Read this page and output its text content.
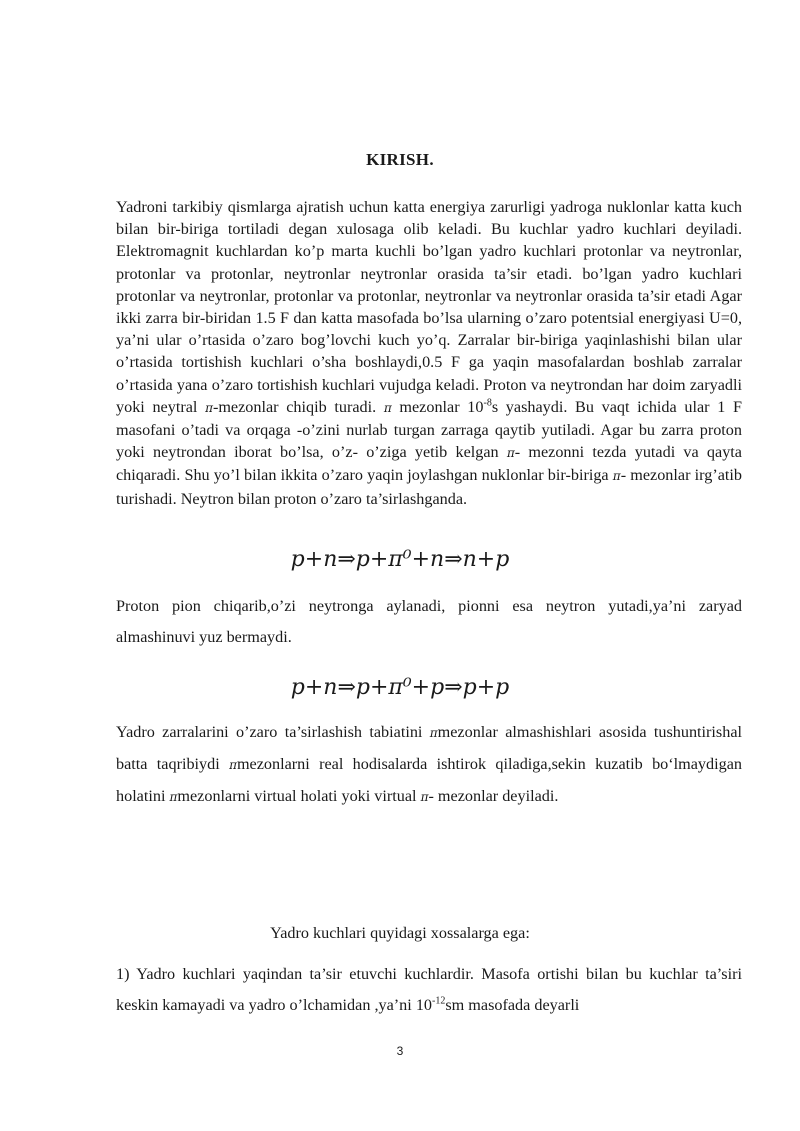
KIRISH.

Yadroni tarkibiy qismlarga ajratish uchun katta energiya zarurligi yadroga nuklonlar katta kuch bilan bir-biriga tortiladi degan xulosaga olib keladi. Bu kuchlar yadro kuchlari deyiladi. Elektromagnit kuchlardan ko’p marta kuchli bo’lgan yadro kuchlari protonlar va neytronlar, protonlar va protonlar, neytronlar neytronlar orasida ta’sir etadi. bo’lgan yadro kuchlari protonlar va neytronlar, protonlar va protonlar, neytronlar va neytronlar orasida ta’sir etadi Agar ikki zarra bir-biridan 1.5 F dan katta masofada bo’lsa ularning o’zaro potentsial energiyasi U=0, ya’ni ular o’rtasida o’zaro bog’lovchi kuch yo’q. Zarralar bir-biriga yaqinlashishi bilan ular o’rtasida tortishish kuchlari o’sha boshlaydi,0.5 F ga yaqin masofalardan boshlab zarralar o’rtasida yana o’zaro tortishish kuchlari vujudga keladi. Proton va neytrondan har doim zaryadli yoki neytral π-mezonlar chiqib turadi. π mezonlar $10^{-8}s$ yashaydi. Bu vaqt ichida ular 1 F masofani o’tadi va orqaga -o’zini nurlab turgan zarraga qaytib yutiladi. Agar bu zarra proton yoki neytrondan iborat bo’lsa, o’z- o’ziga yetib kelgan π- mezonni tezda yutadi va qayta chiqaradi. Shu yo’l bilan ikkita o’zaro yaqin joylashgan nuklonlar bir-biriga π- mezonlar irg’atib turishadi. Neytron bilan proton o’zaro ta’sirlashganda.

p+n⇒p+π⁰+n⇒n+p

Proton pion chiqarib,o’zi neytronga aylanadi, pionni esa neytron yutadi,ya’ni zaryad almashinuvi yuz bermaydi.

p+n⇒p+π⁰+p⇒p+p

Yadro zarralarini o’zaro ta’sirlashish tabiatini πmezonlar almashishlari asosida tushuntirishal batta taqribiydi πmezonlarni real hodisalarda ishtirok qiladiga,sekin kuzatib bo‘lmaydigan holatini πmezonlarni virtual holati yoki virtual π- mezonlar deyiladi.

Yadro kuchlari quyidagi xossalarga ega:

1) Yadro kuchlari yaqindan ta’sir etuvchi kuchlardir. Masofa ortishi bilan bu kuchlar ta’siri keskin kamayadi va yadro o’lchamidan ,ya’ni $10^{-12}sm$ masofada deyarli

3
